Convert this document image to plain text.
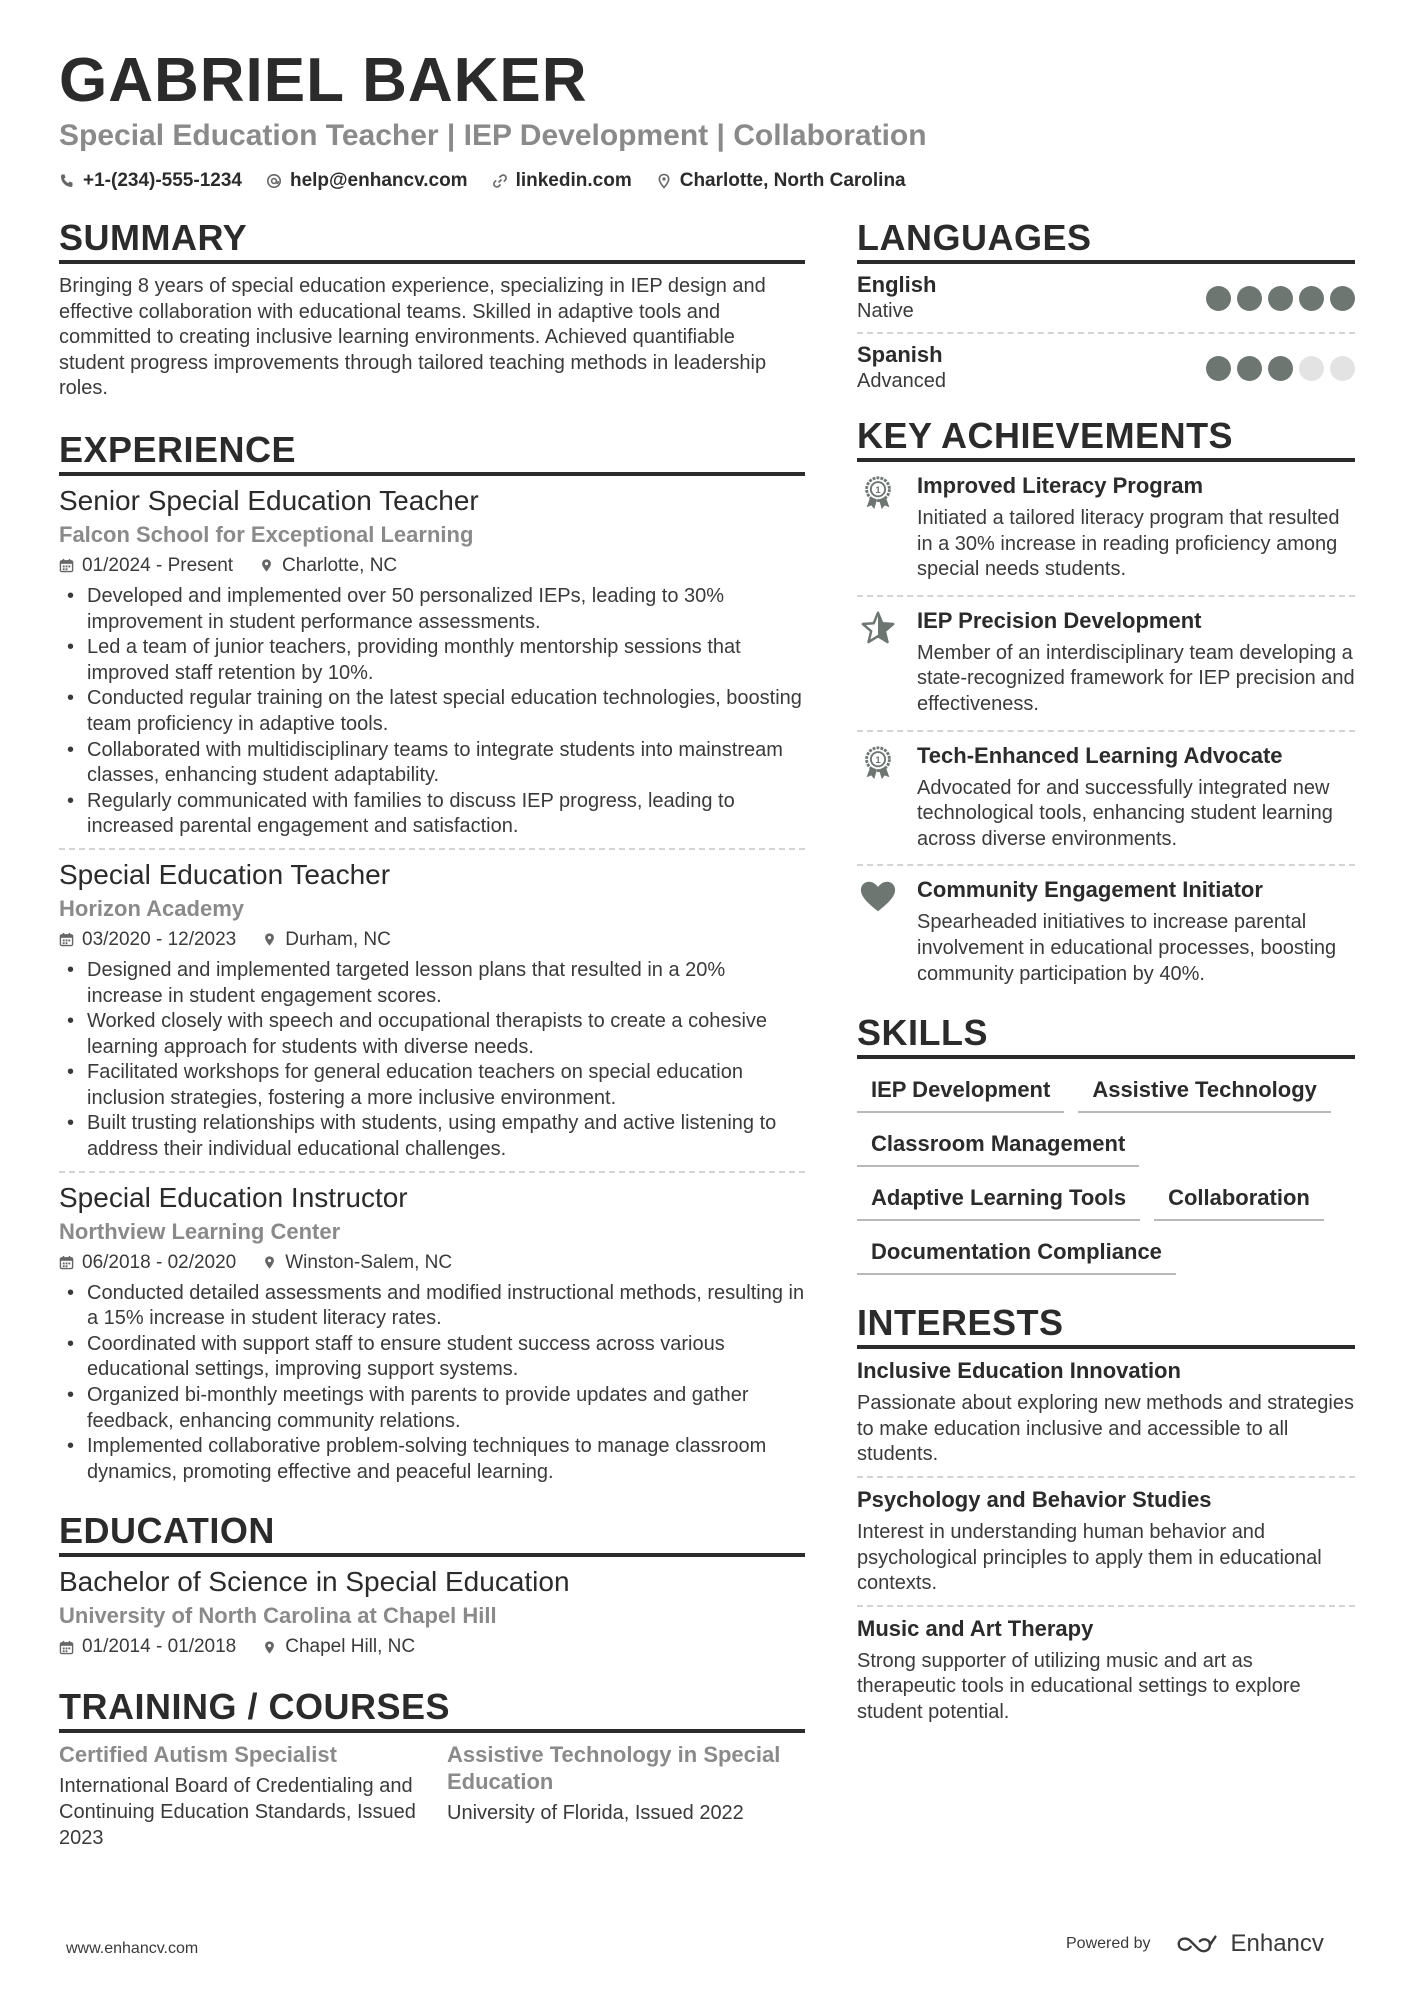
GABRIEL BAKER
Special Education Teacher | IEP Development | Collaboration
+1-(234)-555-1234	help@enhancv.com	linkedin.com	Charlotte, North Carolina
SUMMARY
Bringing 8 years of special education experience, specializing in IEP design and effective collaboration with educational teams. Skilled in adaptive tools and committed to creating inclusive learning environments. Achieved quantifiable student progress improvements through tailored teaching methods in leadership roles.
EXPERIENCE
Senior Special Education Teacher
Falcon School for Exceptional Learning
01/2024 - Present	Charlotte, NC
• Developed and implemented over 50 personalized IEPs, leading to 30% improvement in student performance assessments.
• Led a team of junior teachers, providing monthly mentorship sessions that improved staff retention by 10%.
• Conducted regular training on the latest special education technologies, boosting team proficiency in adaptive tools.
• Collaborated with multidisciplinary teams to integrate students into mainstream classes, enhancing student adaptability.
• Regularly communicated with families to discuss IEP progress, leading to increased parental engagement and satisfaction.
Special Education Teacher
Horizon Academy
03/2020 - 12/2023	Durham, NC
• Designed and implemented targeted lesson plans that resulted in a 20% increase in student engagement scores.
• Worked closely with speech and occupational therapists to create a cohesive learning approach for students with diverse needs.
• Facilitated workshops for general education teachers on special education inclusion strategies, fostering a more inclusive environment.
• Built trusting relationships with students, using empathy and active listening to address their individual educational challenges.
Special Education Instructor
Northview Learning Center
06/2018 - 02/2020	Winston-Salem, NC
• Conducted detailed assessments and modified instructional methods, resulting in a 15% increase in student literacy rates.
• Coordinated with support staff to ensure student success across various educational settings, improving support systems.
• Organized bi-monthly meetings with parents to provide updates and gather feedback, enhancing community relations.
• Implemented collaborative problem-solving techniques to manage classroom dynamics, promoting effective and peaceful learning.
EDUCATION
Bachelor of Science in Special Education
University of North Carolina at Chapel Hill
01/2014 - 01/2018	Chapel Hill, NC
TRAINING / COURSES
Certified Autism Specialist
International Board of Credentialing and Continuing Education Standards, Issued 2023
Assistive Technology in Special Education
University of Florida, Issued 2022
LANGUAGES
English
Native
Spanish
Advanced
KEY ACHIEVEMENTS
1 Improved Literacy Program
Initiated a tailored literacy program that resulted in a 30% increase in reading proficiency among special needs students.
IEP Precision Development
Member of an interdisciplinary team developing a state-recognized framework for IEP precision and effectiveness.
1 Tech-Enhanced Learning Advocate
Advocated for and successfully integrated new technological tools, enhancing student learning across diverse environments.
Community Engagement Initiator
Spearheaded initiatives to increase parental involvement in educational processes, boosting community participation by 40%.
SKILLS
IEP Development	Assistive Technology
Classroom Management
Adaptive Learning Tools	Collaboration
Documentation Compliance
INTERESTS
Inclusive Education Innovation
Passionate about exploring new methods and strategies to make education inclusive and accessible to all students.
Psychology and Behavior Studies
Interest in understanding human behavior and psychological principles to apply them in educational contexts.
Music and Art Therapy
Strong supporter of utilizing music and art as therapeutic tools in educational settings to explore student potential.
www.enhancv.com	Powered by	Enhancv
